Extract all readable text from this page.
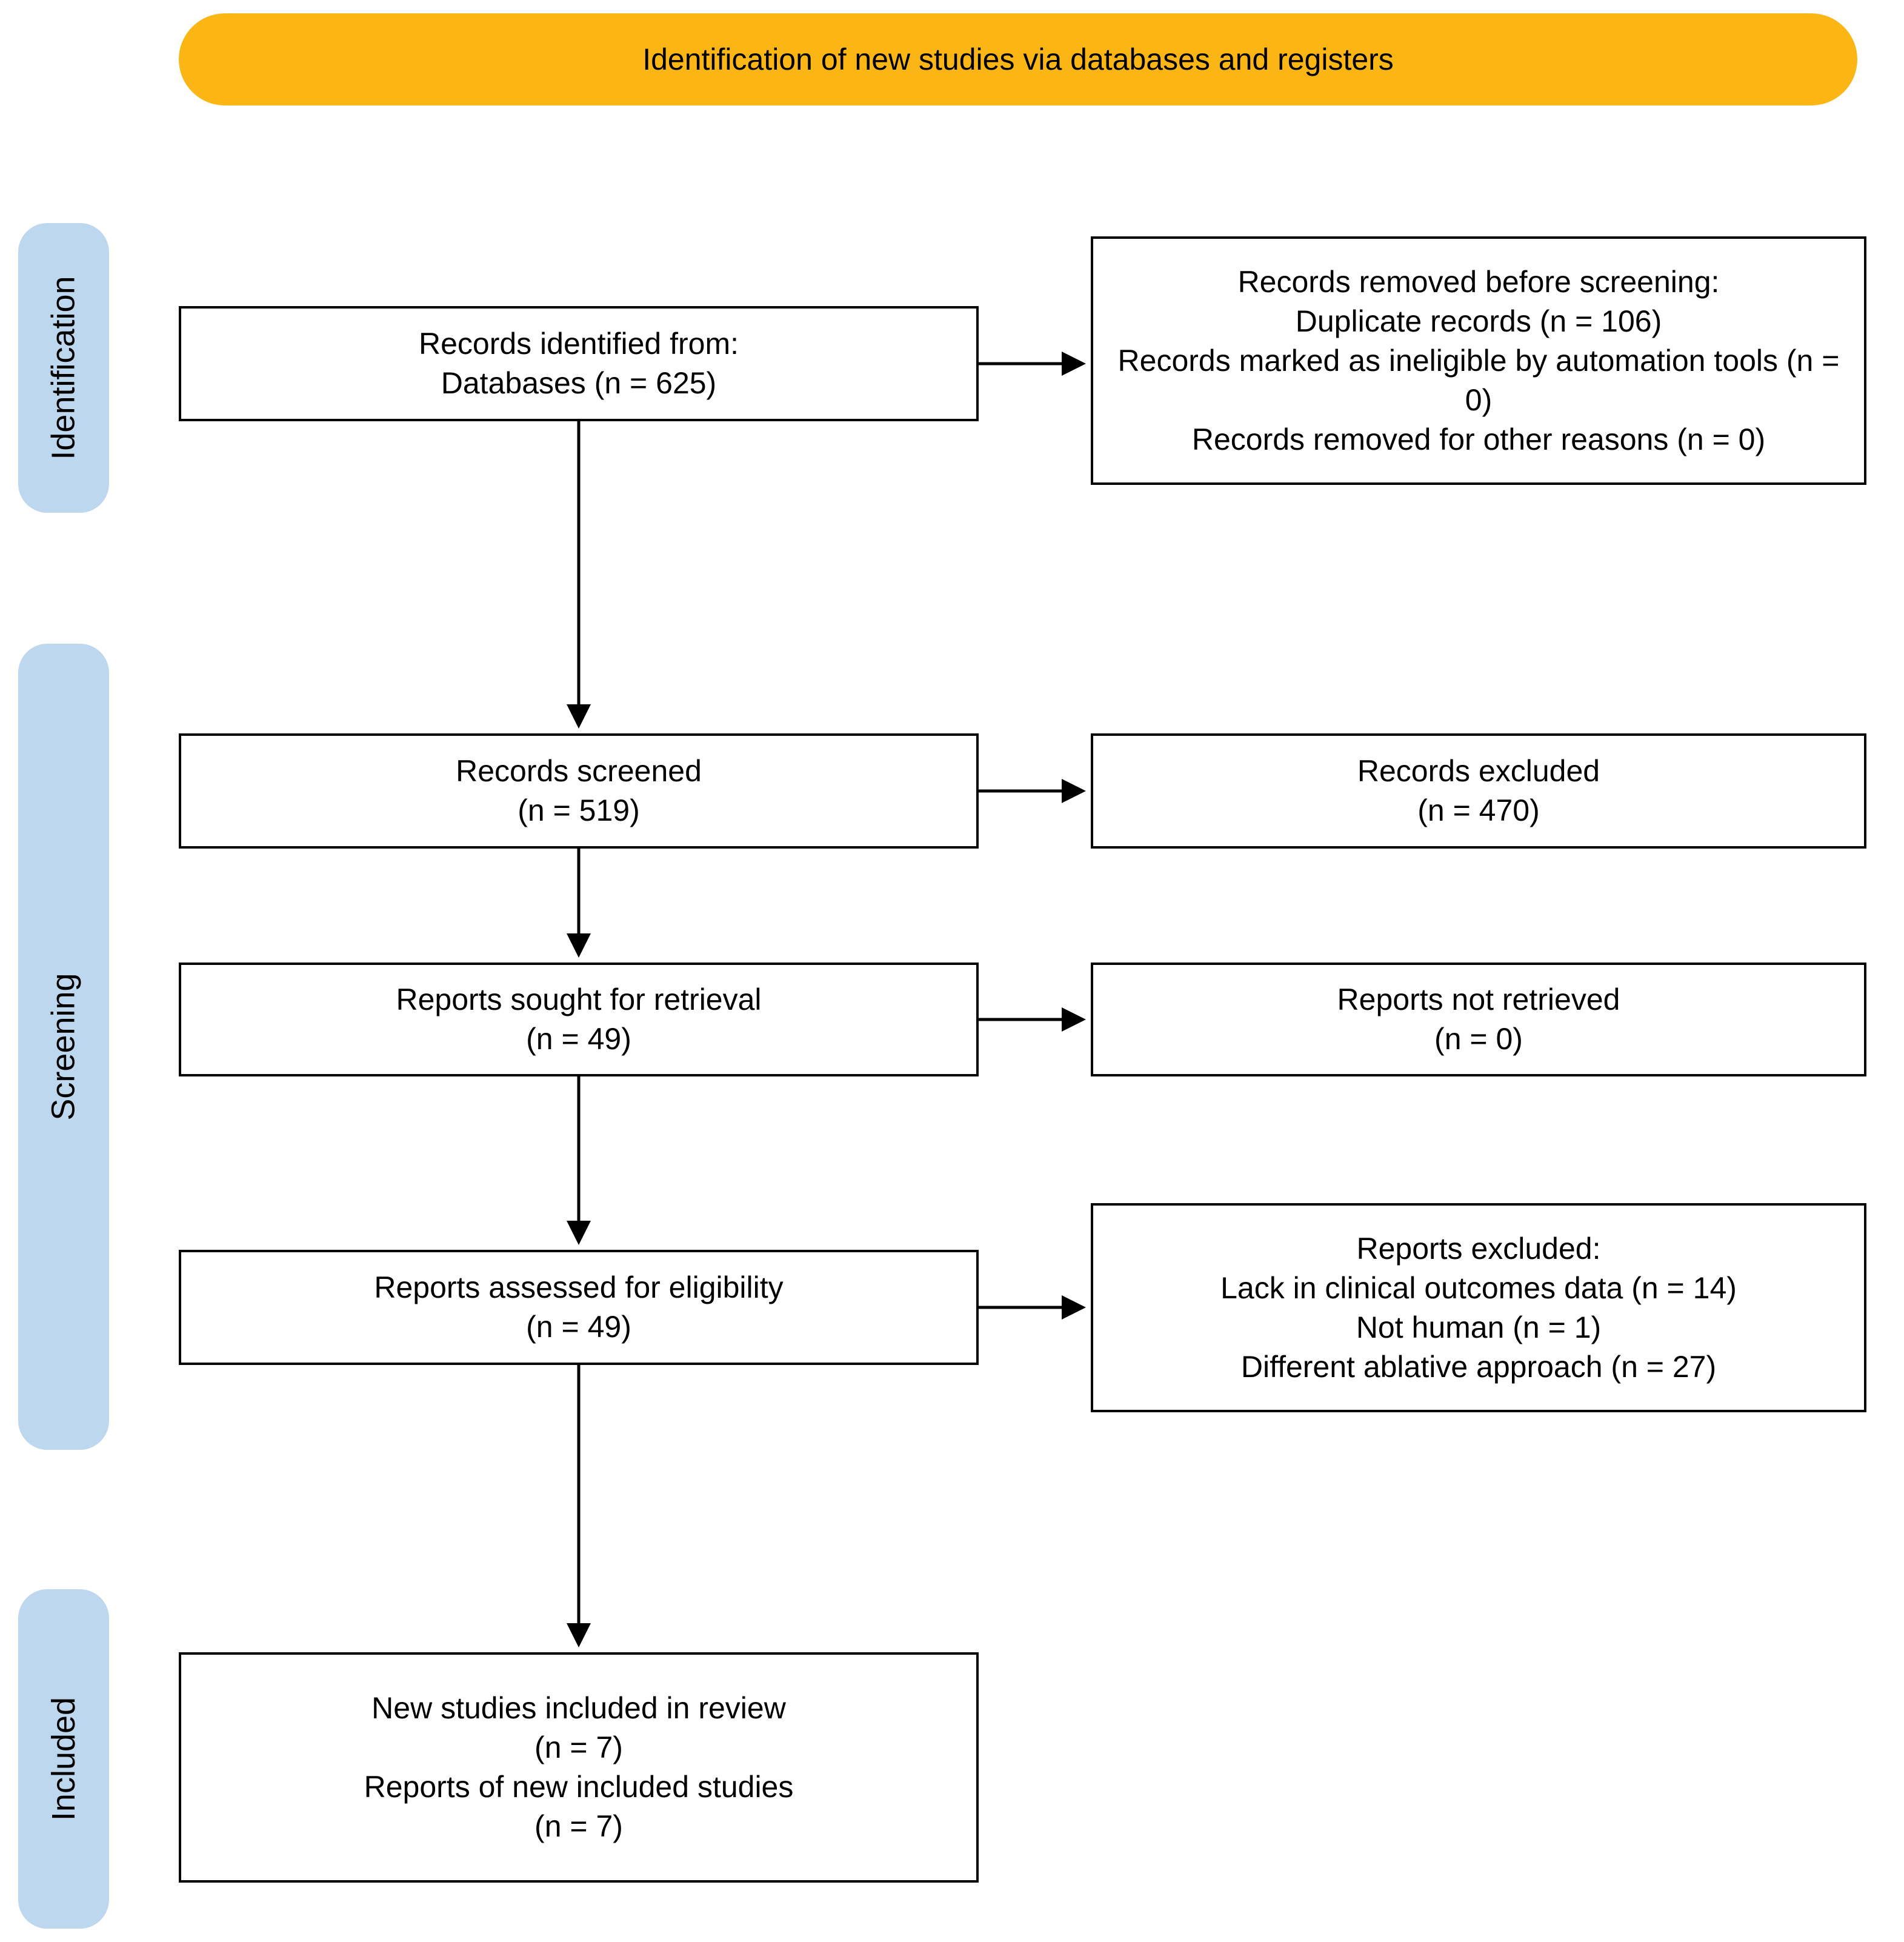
Identification of new studies via databases and registers
Identification
Screening
Included
Records identified from:
Databases (n = 625)
Records removed before screening:
Duplicate records (n = 106)
Records marked as ineligible by automation tools (n = 0)
Records removed for other reasons (n = 0)
Records screened
(n = 519)
Records excluded
(n = 470)
Reports sought for retrieval
(n = 49)
Reports not retrieved
(n = 0)
Reports assessed for eligibility
(n = 49)
Reports excluded:
Lack in clinical outcomes data (n = 14)
Not human (n = 1)
Different ablative approach (n = 27)
New studies included in review
(n = 7)
Reports of new included studies
(n = 7)
